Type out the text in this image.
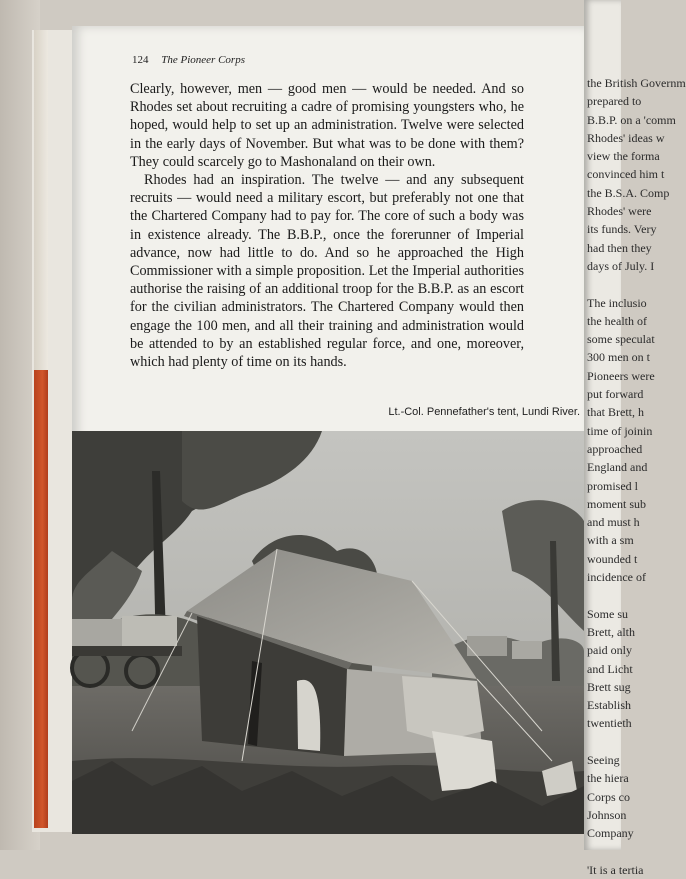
124 The Pioneer Corps

Clearly, however, men — good men — would be needed. And so Rhodes set about recruiting a cadre of promising youngsters who, he hoped, would help to set up an administration. Twelve were selected in the early days of November. But what was to be done with them? They could scarcely go to Mashonaland on their own.

Rhodes had an inspiration. The twelve — and any subsequent recruits — would need a military escort, but preferably not one that the Chartered Company had to pay for. The core of such a body was in existence already. The B.B.P., once the forerunner of Imperial advance, now had little to do. And so he approached the High Commissioner with a simple proposition. Let the Imperial authorities authorise the raising of an additional troop for the B.B.P. as an escort for the civilian administrators. The Chartered Company would then engage the 100 men, and all their training and administration would be attended to by an established regular force, and one, moreover, which had plenty of time on its hands.

Lt.-Col. Pennefather's tent, Lundi River.
the British Governm
prepared to
B.B.P. on a 'comm
Rhodes' ideas w
view the forma
convinced him t
the B.S.A. Comp
Rhodes' were
its funds. Very
had then they
days of July. I

The inclusio
the health of
some speculat
300 men on t
Pioneers were
put forward
that Brett, h
time of joinin
approached
England and
promised l
moment sub
and must h
with a sm
wounded t
incidence of

Some su
Brett, alth
paid only
and Licht
Brett sug
Establish
twentieth

Seeing
the hiera
Corps co
Johnson
Company

'It is a tertia
